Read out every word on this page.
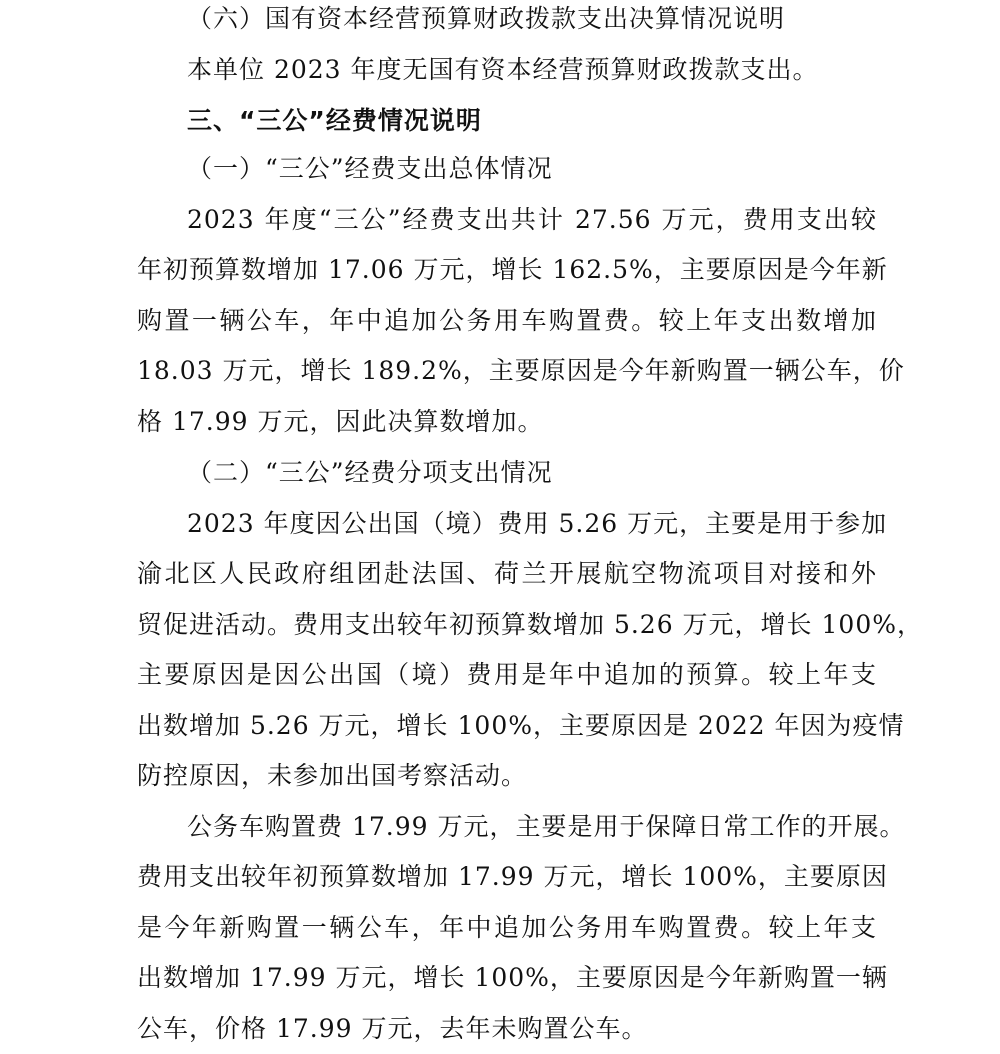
（六）国有资本经营预算财政拨款支出决算情况说明
本单位 2023 年度无国有资本经营预算财政拨款支出。
三、“三公”经费情况说明
（一）“三公”经费支出总体情况
2023 年度“三公”经费支出共计 27.56 万元，费用支出较
年初预算数增加 17.06 万元，增长 162.5%，主要原因是今年新
购置一辆公车，年中追加公务用车购置费。较上年支出数增加
18.03 万元，增长 189.2%，主要原因是今年新购置一辆公车，价
格 17.99 万元，因此决算数增加。
（二）“三公”经费分项支出情况
2023 年度因公出国（境）费用 5.26 万元，主要是用于参加
渝北区人民政府组团赴法国、荷兰开展航空物流项目对接和外
贸促进活动。费用支出较年初预算数增加 5.26 万元，增长 100%，
主要原因是因公出国（境）费用是年中追加的预算。较上年支
出数增加 5.26 万元，增长 100%，主要原因是 2022 年因为疫情
防控原因，未参加出国考察活动。
公务车购置费 17.99 万元，主要是用于保障日常工作的开展。
费用支出较年初预算数增加 17.99 万元，增长 100%，主要原因
是今年新购置一辆公车，年中追加公务用车购置费。较上年支
出数增加 17.99 万元，增长 100%，主要原因是今年新购置一辆
公车，价格 17.99 万元，去年未购置公车。
